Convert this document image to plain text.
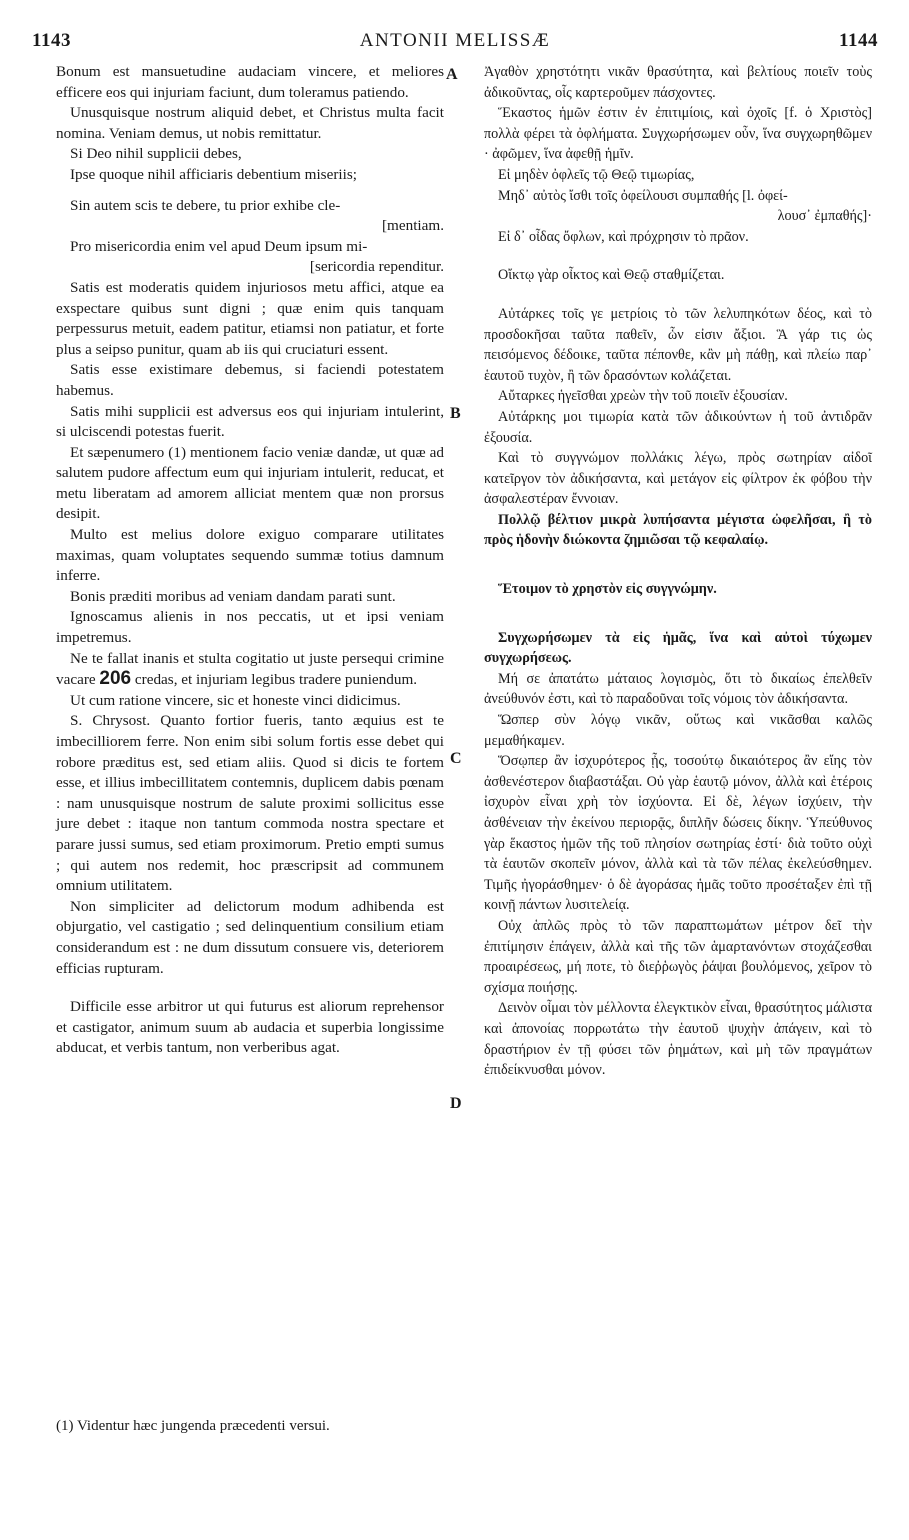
1143	ANTONII MELISSÆ	1144
A
B
C
D

Bonum est mansuetudine audaciam vincere, et meliores efficere eos qui injuriam faciunt, dum toleramus patiendo.

Unusquisque nostrum aliquid debet, et Christus multa facit nomina. Veniam demus, ut nobis remittatur.

Si Deo nihil supplicii debes,

Ipse quoque nihil afficiaris debentium miseriis;

Sin autem scis te debere, tu prior exhibe cle-

[mentiam.

Pro misericordia enim vel apud Deum ipsum mi-

[sericordia rependitur.

Satis est moderatis quidem injuriosos metu affici, atque ea exspectare quibus sunt digni ; quæ enim quis tanquam perpessurus metuit, eadem patitur, etiamsi non patiatur, et forte plus a seipso punitur, quam ab iis qui cruciaturi essent.

Satis esse existimare debemus, si faciendi potestatem habemus.

Satis mihi supplicii est adversus eos qui injuriam intulerint, si ulciscendi potestas fuerit.

Et sæpenumero (1) mentionem facio veniæ dandæ, ut quæ ad salutem pudore affectum eum qui injuriam intulerit, reducat, et metu liberatam ad amorem alliciat mentem quæ non prorsus desipit.

Multo est melius dolore exiguo comparare utilitates maximas, quam voluptates sequendo summæ totius damnum inferre.

Bonis præditi moribus ad veniam dandam parati sunt.

Ignoscamus alienis in nos peccatis, ut et ipsi veniam impetremus.

Ne te fallat inanis et stulta cogitatio ut juste persequi crimine vacare 206 credas, et injuriam legibus tradere puniendum.

Ut cum ratione vincere, sic et honeste vinci didicimus.

S. Chrysost. Quanto fortior fueris, tanto æquius est te imbecilliorem ferre. Non enim sibi solum fortis esse debet qui robore præditus est, sed etiam aliis. Quod si dicis te fortem esse, et illius imbecillitatem contemnis, duplicem dabis pœnam : nam unusquisque nostrum de salute proximi sollicitus esse jure debet : itaque non tantum commoda nostra spectare et parare jussi sumus, sed etiam proximorum. Pretio empti sumus ; qui autem nos redemit, hoc præscripsit ad communem omnium utilitatem.

Non simpliciter ad delictorum modum adhibenda est objurgatio, vel castigatio ; sed delinquentium consilium etiam considerandum est : ne dum dissutum consuere vis, deteriorem efficias rupturam.

Difficile esse arbitror ut qui futurus est aliorum reprehensor et castigator, animum suum ab audacia et superbia longissime abducat, et verbis tantum, non verberibus agat.

(1) Videntur hæc jungenda præcedenti versui.

Ἀγαθὸν χρηστότητι νικᾶν θρασύτητα, καὶ βελτίους ποιεῖν τοὺς ἀδικοῦντας, οἷς καρτεροῦμεν πάσχοντες.

Ἕκαστος ἡμῶν ἐστιν ἐν ἐπιτιμίοις, καὶ ὀχοῖς [f. ὁ Χριστὸς] πολλὰ φέρει τὰ ὀφλήματα. Συγχωρήσωμεν οὖν, ἵνα συγχωρηθῶμεν · ἀφῶμεν, ἵνα ἀφεθῇ ἡμῖν.

Εἰ μηδὲν ὀφλεῖς τῷ Θεῷ τιμωρίας,

Μηδ᾽ αὐτὸς ἴσθι τοῖς ὀφείλουσι συμπαθής [l. ὀφεί-

λουσ᾽ ἐμπαθής]·

Εἰ δ᾽ οἶδας ὄφλων, καὶ πρόχρησιν τὸ πρᾶον.

Οἴκτῳ γὰρ οἶκτος καὶ Θεῷ σταθμίζεται.

Αὐτάρκες τοῖς γε μετρίοις τὸ τῶν λελυπηκότων δέος, καὶ τὸ προσδοκῆσαι ταῦτα παθεῖν, ὧν εἰσιν ἄξιοι. Ἃ γάρ τις ὡς πεισόμενος δέδοικε, ταῦτα πέπονθε, κἂν μὴ πάθῃ, καὶ πλείω παρ᾽ ἑαυτοῦ τυχὸν, ἢ τῶν δρασόντων κολάζεται.

Αὔταρκες ἡγεῖσθαι χρεὼν τὴν τοῦ ποιεῖν ἐξουσίαν.

Αὐτάρκης μοι τιμωρία κατὰ τῶν ἀδικούντων ἡ τοῦ ἀντιδρᾶν ἐξουσία.

Καὶ τὸ συγγνώμον πολλάκις λέγω, πρὸς σωτηρίαν αἰδοῖ κατεῖργον τὸν ἀδικήσαντα, καὶ μετάγον εἰς φίλτρον ἐκ φόβου τὴν ἀσφαλεστέραν ἔννοιαν.

Πολλῷ βέλτιον μικρὰ λυπήσαντα μέγιστα ὠφελῆσαι, ἢ τὸ πρὸς ἡδονὴν διώκοντα ζημιῶσαι τῷ κεφαλαίῳ.

Ἕτοιμον τὸ χρηστὸν εἰς συγγνώμην.

Συγχωρήσωμεν τὰ εἰς ἡμᾶς, ἵνα καὶ αὐτοὶ τύχωμεν συγχωρήσεως.

Μή σε ἀπατάτω μάταιος λογισμὸς, ὅτι τὸ δικαίως ἐπελθεῖν ἀνεύθυνόν ἐστι, καὶ τὸ παραδοῦναι τοῖς νόμοις τὸν ἀδικήσαντα.

Ὥσπερ σὺν λόγῳ νικᾶν, οὕτως καὶ νικᾶσθαι καλῶς μεμαθήκαμεν.

Ὅσῳπερ ἂν ἰσχυρότερος ᾖς, τοσούτῳ δικαιότερος ἂν εἴης τὸν ἀσθενέστερον διαβαστάξαι. Οὐ γὰρ ἑαυτῷ μόνον, ἀλλὰ καὶ ἑτέροις ἰσχυρὸν εἶναι χρὴ τὸν ἰσχύοντα. Εἰ δὲ, λέγων ἰσχύειν, τὴν ἀσθένειαν τὴν ἐκείνου περιορᾷς, διπλῆν δώσεις δίκην. Ὑπεύθυνος γὰρ ἕκαστος ἡμῶν τῆς τοῦ πλησίον σωτηρίας ἐστί· διὰ τοῦτο οὐχὶ τὰ ἑαυτῶν σκοπεῖν μόνον, ἀλλὰ καὶ τὰ τῶν πέλας ἐκελεύσθημεν. Τιμῆς ἠγοράσθημεν· ὁ δὲ ἀγοράσας ἡμᾶς τοῦτο προσέταξεν ἐπὶ τῇ κοινῇ πάντων λυσιτελείᾳ.

Οὐχ ἁπλῶς πρὸς τὸ τῶν παραπτωμάτων μέτρον δεῖ τὴν ἐπιτίμησιν ἐπάγειν, ἀλλὰ καὶ τῆς τῶν ἁμαρτανόντων στοχάζεσθαι προαιρέσεως, μή ποτε, τὸ διεῤῥωγὸς ῥάψαι βουλόμενος, χεῖρον τὸ σχίσμα ποιήσῃς.

Δεινὸν οἶμαι τὸν μέλλοντα ἐλεγκτικὸν εἶναι, θρασύτητος μάλιστα καὶ ἀπονοίας πορρωτάτω τὴν ἑαυτοῦ ψυχὴν ἀπάγειν, καὶ τὸ δραστήριον ἐν τῇ φύσει τῶν ῥημάτων, καὶ μὴ τῶν πραγμάτων ἐπιδείκνυσθαι μόνον.
